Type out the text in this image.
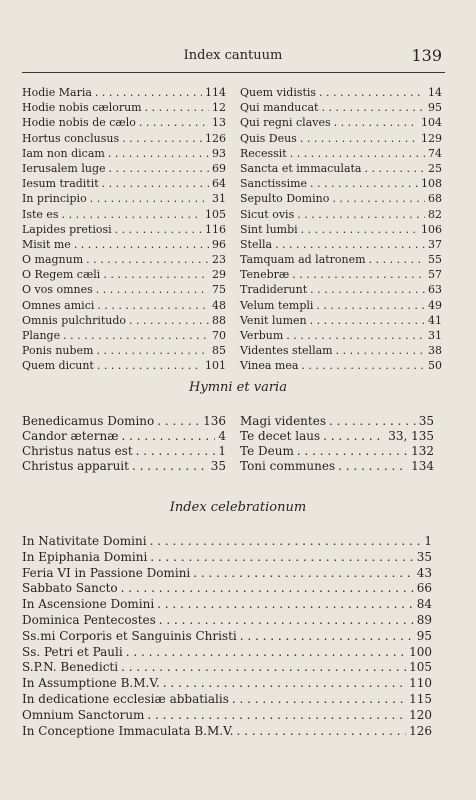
Index cantuum	139
Hodie Maria . . .	114
Hodie nobis cælorum . . .	12
Hodie nobis de cælo . . .	13
Hortus conclusus . . .	126
Iam non dicam . . .	93
Ierusalem luge . . .	69
Iesum traditit . . .	64
In principio . . .	31
Iste es . . .	105
Lapides pretiosi . . .	116
Misit me . . .	96
O magnum . . .	23
O Regem cæli . . .	29
O vos omnes . . .	75
Omnes amici . . .	48
Omnis pulchritudo . . .	88
Plange . . .	70
Ponis nubem . . .	85
Quem dicunt . . .	101
Quem vidistis . . .	14
Qui manducat . . .	95
Qui regni claves . . .	104
Quis Deus . . .	129
Recessit . . .	74
Sancta et immaculata . . .	25
Sanctissime . . .	108
Sepulto Domino . . .	68
Sicut ovis . . .	82
Sint lumbi . . .	106
Stella . . .	37
Tamquam ad latronem . . .	55
Tenebræ . . .	57
Tradiderunt . . .	63
Velum templi . . .	49
Venit lumen . . .	41
Verbum . . .	31
Videntes stellam . . .	38
Vinea mea . . .	50
Hymni et varia
Benedicamus Domino . . .	136
Candor æternæ . . .	4
Christus natus est . . .	1
Christus apparuit . . .	35
Magi videntes . . .	35
Te decet laus . . .	33, 135
Te Deum . . .	132
Toni communes . . .	134
Index celebrationum
In Nativitate Domini . . .	1
In Epiphania Domini . . .	35
Feria VI in Passione Domini . . .	43
Sabbato Sancto . . .	66
In Ascensione Domini . . .	84
Dominica Pentecostes . . .	89
Ss.mi Corporis et Sanguinis Christi . . .	95
Ss. Petri et Pauli . . .	100
S.P.N. Benedicti . . .	105
In Assumptione B.M.V. . . .	110
In dedicatione ecclesiæ abbatialis . . .	115
Omnium Sanctorum . . .	120
In Conceptione Immaculata B.M.V. . . .	126
